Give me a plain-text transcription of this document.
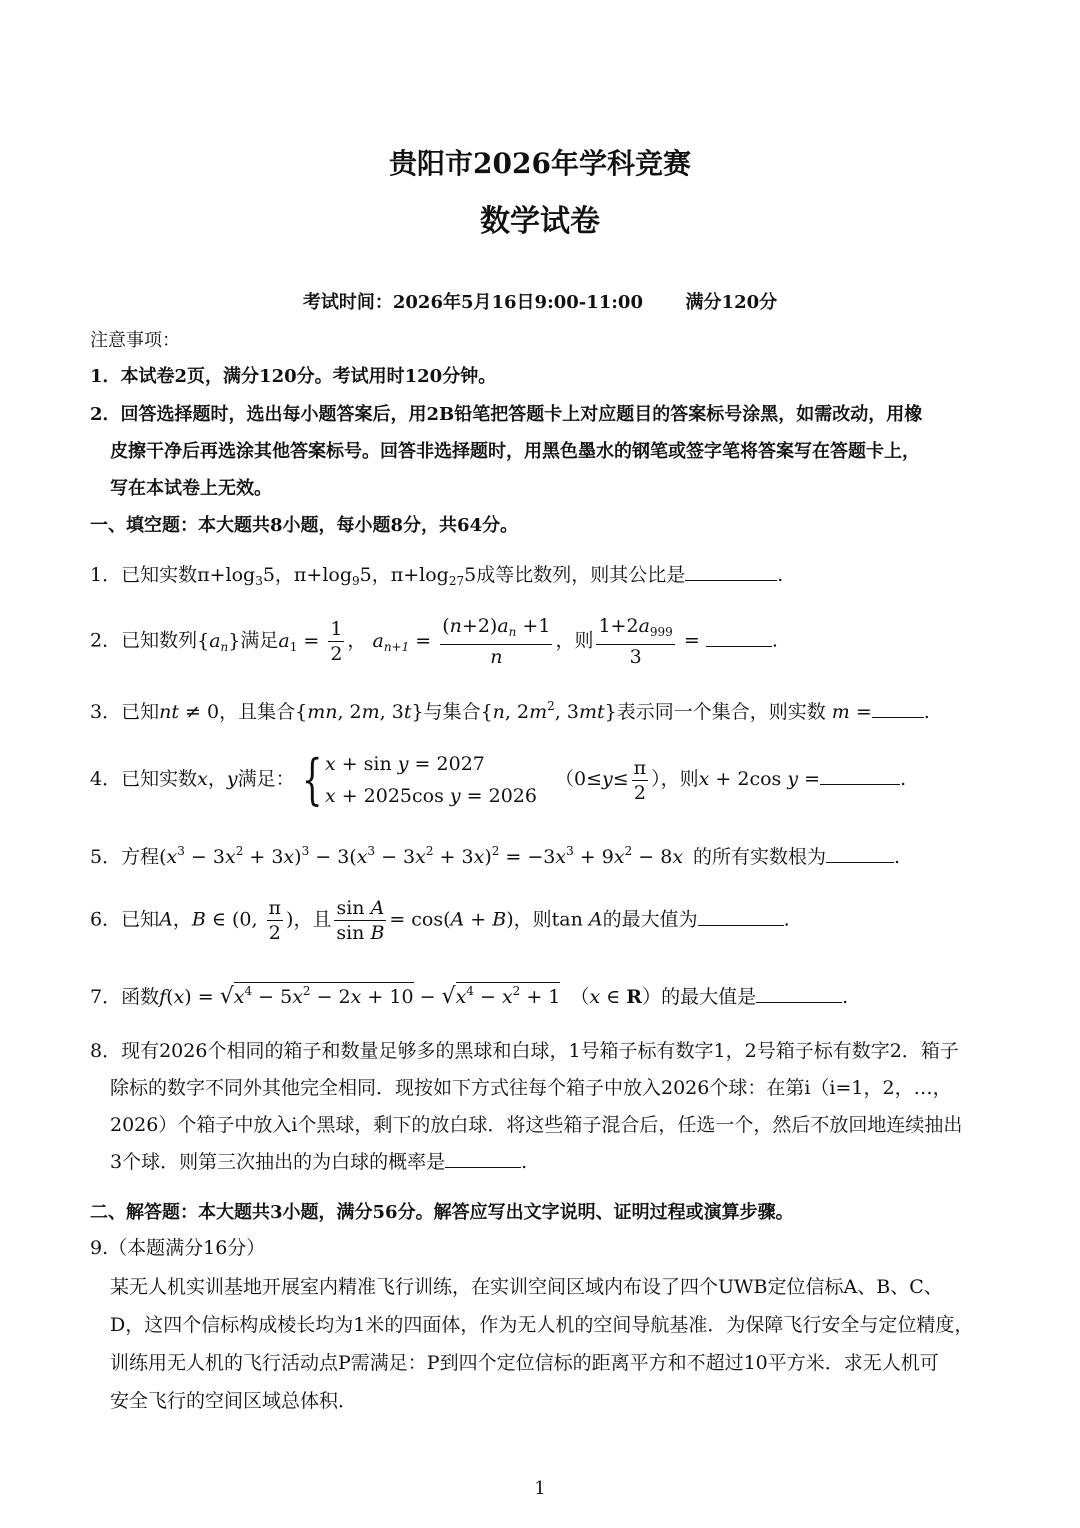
贵阳市2026年学科竞赛
数学试卷
考试时间：2026年5月16日9:00-11:00 满分120分
注意事项：
1．本试卷2页，满分120分。考试用时120分钟。
2．回答选择题时，选出每小题答案后，用2B铅笔把答题卡上对应题目的答案标号涂黑，如需改动，用橡
皮擦干净后再选涂其他答案标号。回答非选择题时，用黑色墨水的钢笔或签字笔将答案写在答题卡上，
写在本试卷上无效。
一、填空题：本大题共8小题，每小题8分，共64分。
1．已知实数$\pi+\log_35$，$\pi+\log_95$，$\pi+\log_{27}5$成等比数列，则其公比是	.
2．已知数列$\{a_n\}$满足$a_1 = \frac{1}{2}$ ， $a_{n+1} = \frac{(n+2)a_n +1}{n}$ ，则 $\frac{1+2a_{999}}{3}$ =	.
3．已知nt ≠ 0，且集合{mn, 2m, 3t}与集合{n, $2m^2$, 3mt}表示同一个集合，则实数 m =	.
4．已知实数x，y满足： { x + sin y = 2027
x + 2025cos y = 2026
（$0\le y\le \frac{\pi}{2}$ ），则x + 2cos y =	.
5．方程$(x^3 - 3x^2 + 3x)^3 - 3(x^3 - 3x^2 + 3x)^2 = -3x^3 + 9x^2 - 8x$ 的所有实数根为	.
6．已知A，B ∈ (0, $\frac{\pi}{2}$ )，且 $\frac{\text{sin A}}{\text{sin B}} = \cos(A + B)$，则tan A的最大值为	.
7．函数$f(x) = √x^4 - 5x^2 - 2x + 10 - √x^4 - x^2 + 1$ （x ∈ R）的最大值是	.
8．现有2026个相同的箱子和数量足够多的黑球和白球，1号箱子标有数字1，2号箱子标有数字2．箱子
除标的数字不同外其他完全相同．现按如下方式往每个箱子中放入2026个球：在第i（i=1，2，…，
2026）个箱子中放入i个黑球，剩下的放白球．将这些箱子混合后，任选一个，然后不放回地连续抽出
3个球．则第三次抽出的为白球的概率是	.
二、解答题：本大题共3小题，满分56分。解答应写出文字说明、证明过程或演算步骤。
9.（本题满分16分）
某无人机实训基地开展室内精准飞行训练，在实训空间区域内布设了四个UWB定位信标A、B、C、
D，这四个信标构成棱长均为1米的四面体，作为无人机的空间导航基准．为保障飞行安全与定位精度，
训练用无人机的飞行活动点P需满足：P到四个定位信标的距离平方和不超过10平方米．求无人机可
安全飞行的空间区域总体积．
1
